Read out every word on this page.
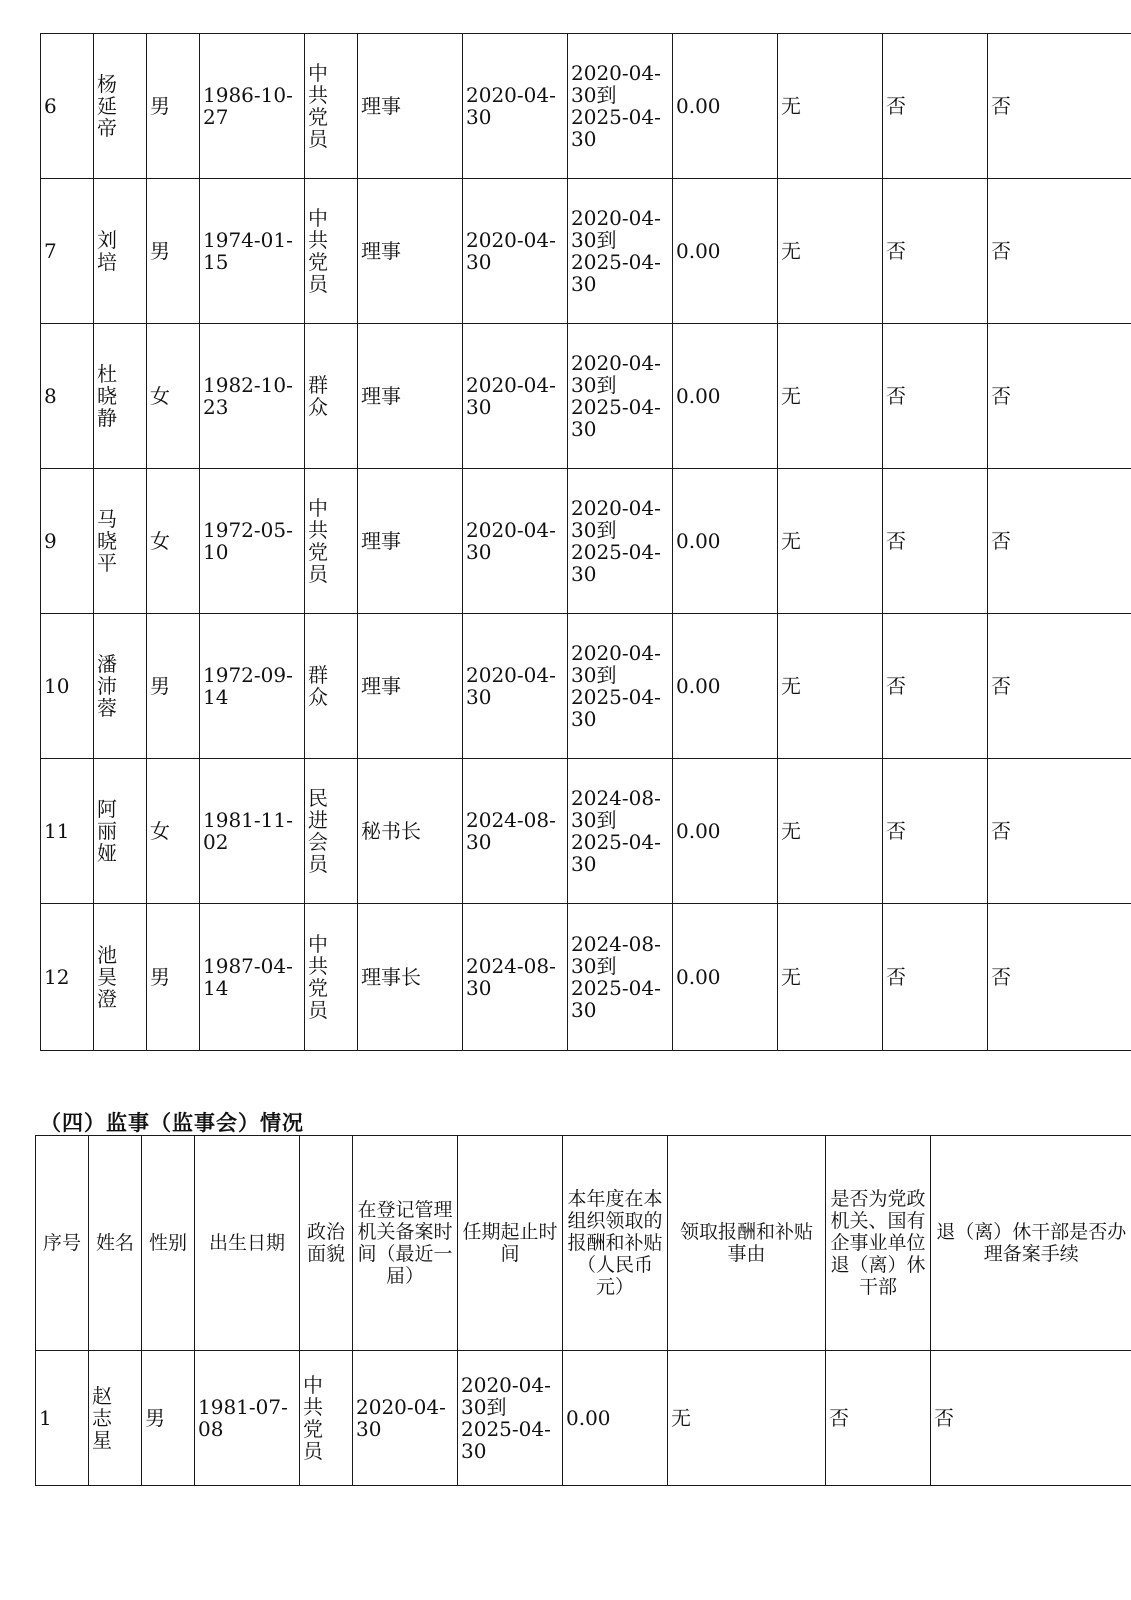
6	杨延帝	男	1986-10-27	中共党员	理事	2020-04-30	2020-04-30到2025-04-30	0.00	无	否	否
7	刘培	男	1974-01-15	中共党员	理事	2020-04-30	2020-04-30到2025-04-30	0.00	无	否	否
8	杜晓静	女	1982-10-23	群众	理事	2020-04-30	2020-04-30到2025-04-30	0.00	无	否	否
9	马晓平	女	1972-05-10	中共党员	理事	2020-04-30	2020-04-30到2025-04-30	0.00	无	否	否
10	潘沛蓉	男	1972-09-14	群众	理事	2020-04-30	2020-04-30到2025-04-30	0.00	无	否	否
11	阿丽娅	女	1981-11-02	民进会员	秘书长	2024-08-30	2024-08-30到2025-04-30	0.00	无	否	否
12	池昊澄	男	1987-04-14	中共党员	理事长	2024-08-30	2024-08-30到2025-04-30	0.00	无	否	否
（四）监事（监事会）情况
序号	姓名	性别	出生日期	政治面貌	在登记管理机关备案时间（最近一届）	任期起止时间	本年度在本组织领取的报酬和补贴（人民币元）	领取报酬和补贴事由	是否为党政机关、国有企事业单位退（离）休干部	退（离）休干部是否办理备案手续
1	赵志星	男	1981-07-08	中共党员	2020-04-30	2020-04-30到2025-04-30	0.00	无	否	否
